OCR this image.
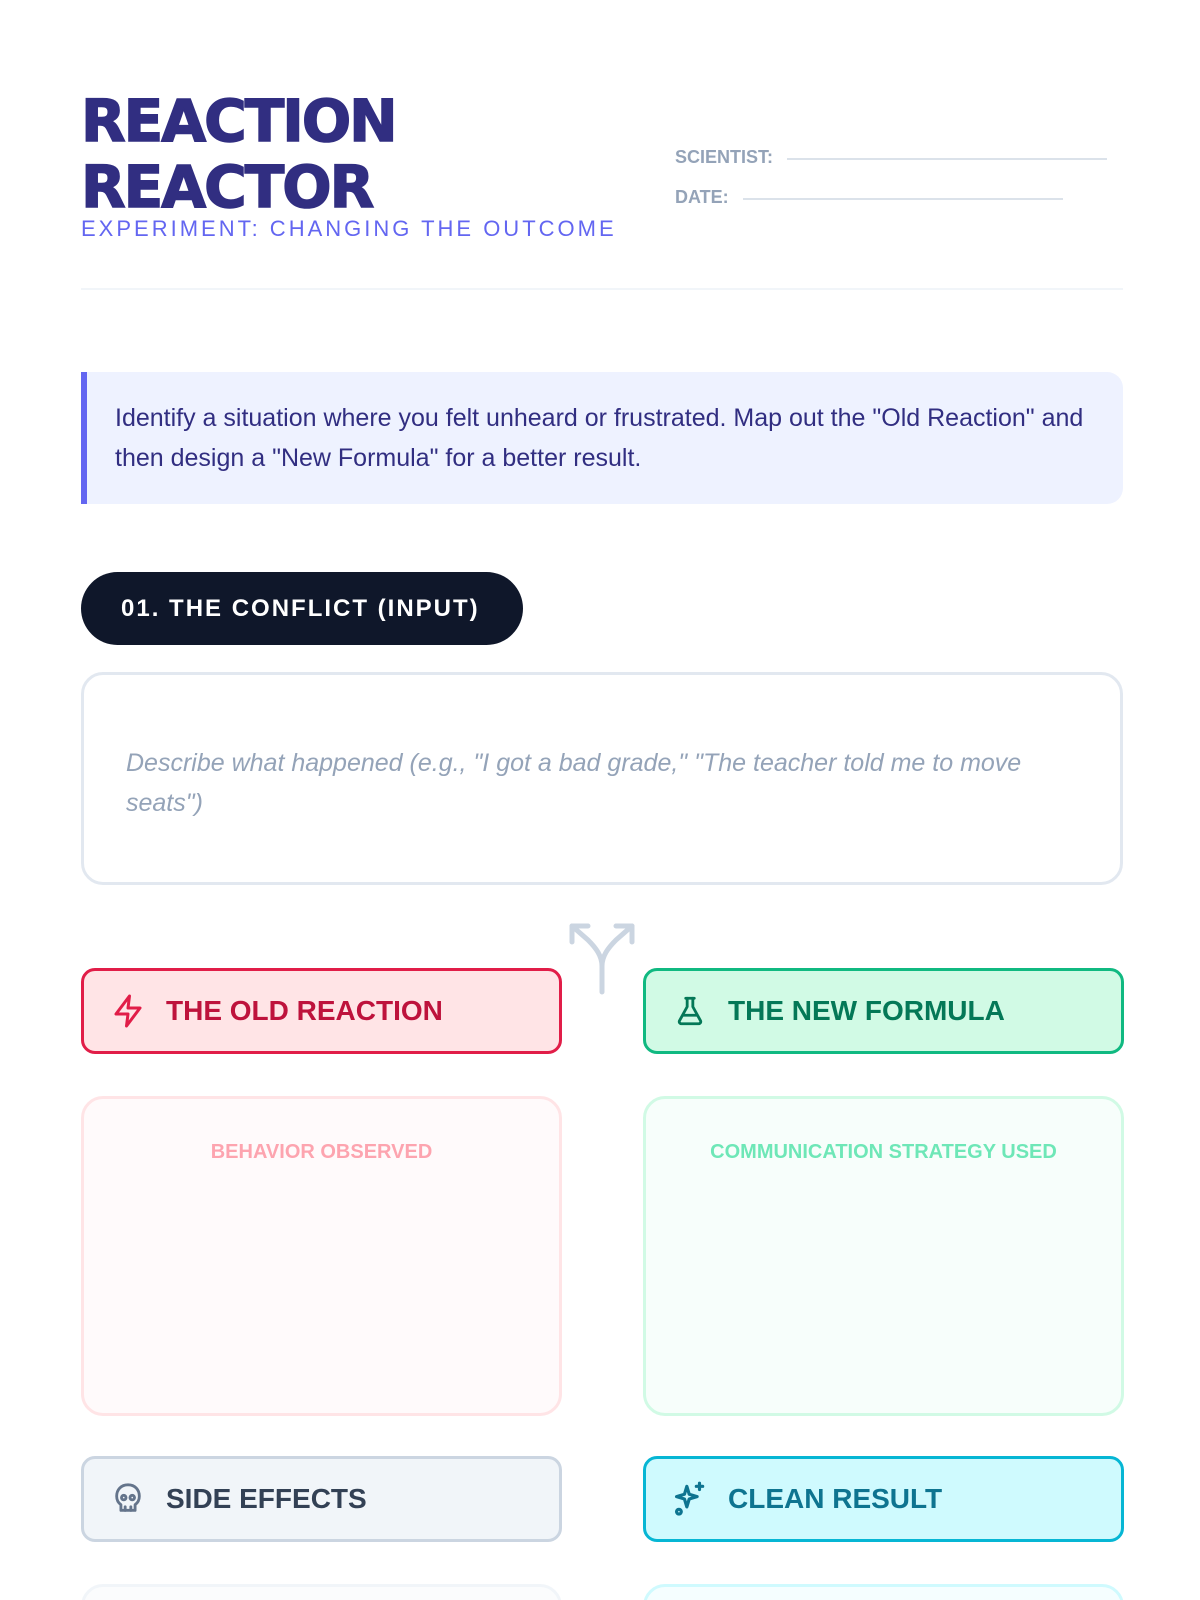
REACTION
REACTOR
EXPERIMENT: CHANGING THE OUTCOME
SCIENTIST:
DATE:

Identify a situation where you felt unheard or frustrated. Map out the "Old Reaction" and then design a "New Formula" for a better result.

01. THE CONFLICT (INPUT)
Describe what happened (e.g., "I got a bad grade," "The teacher told me to move seats")
THE OLD REACTION	THE NEW FORMULA
BEHAVIOR OBSERVED	COMMUNICATION STRATEGY USED
SIDE EFFECTS	CLEAN RESULT
